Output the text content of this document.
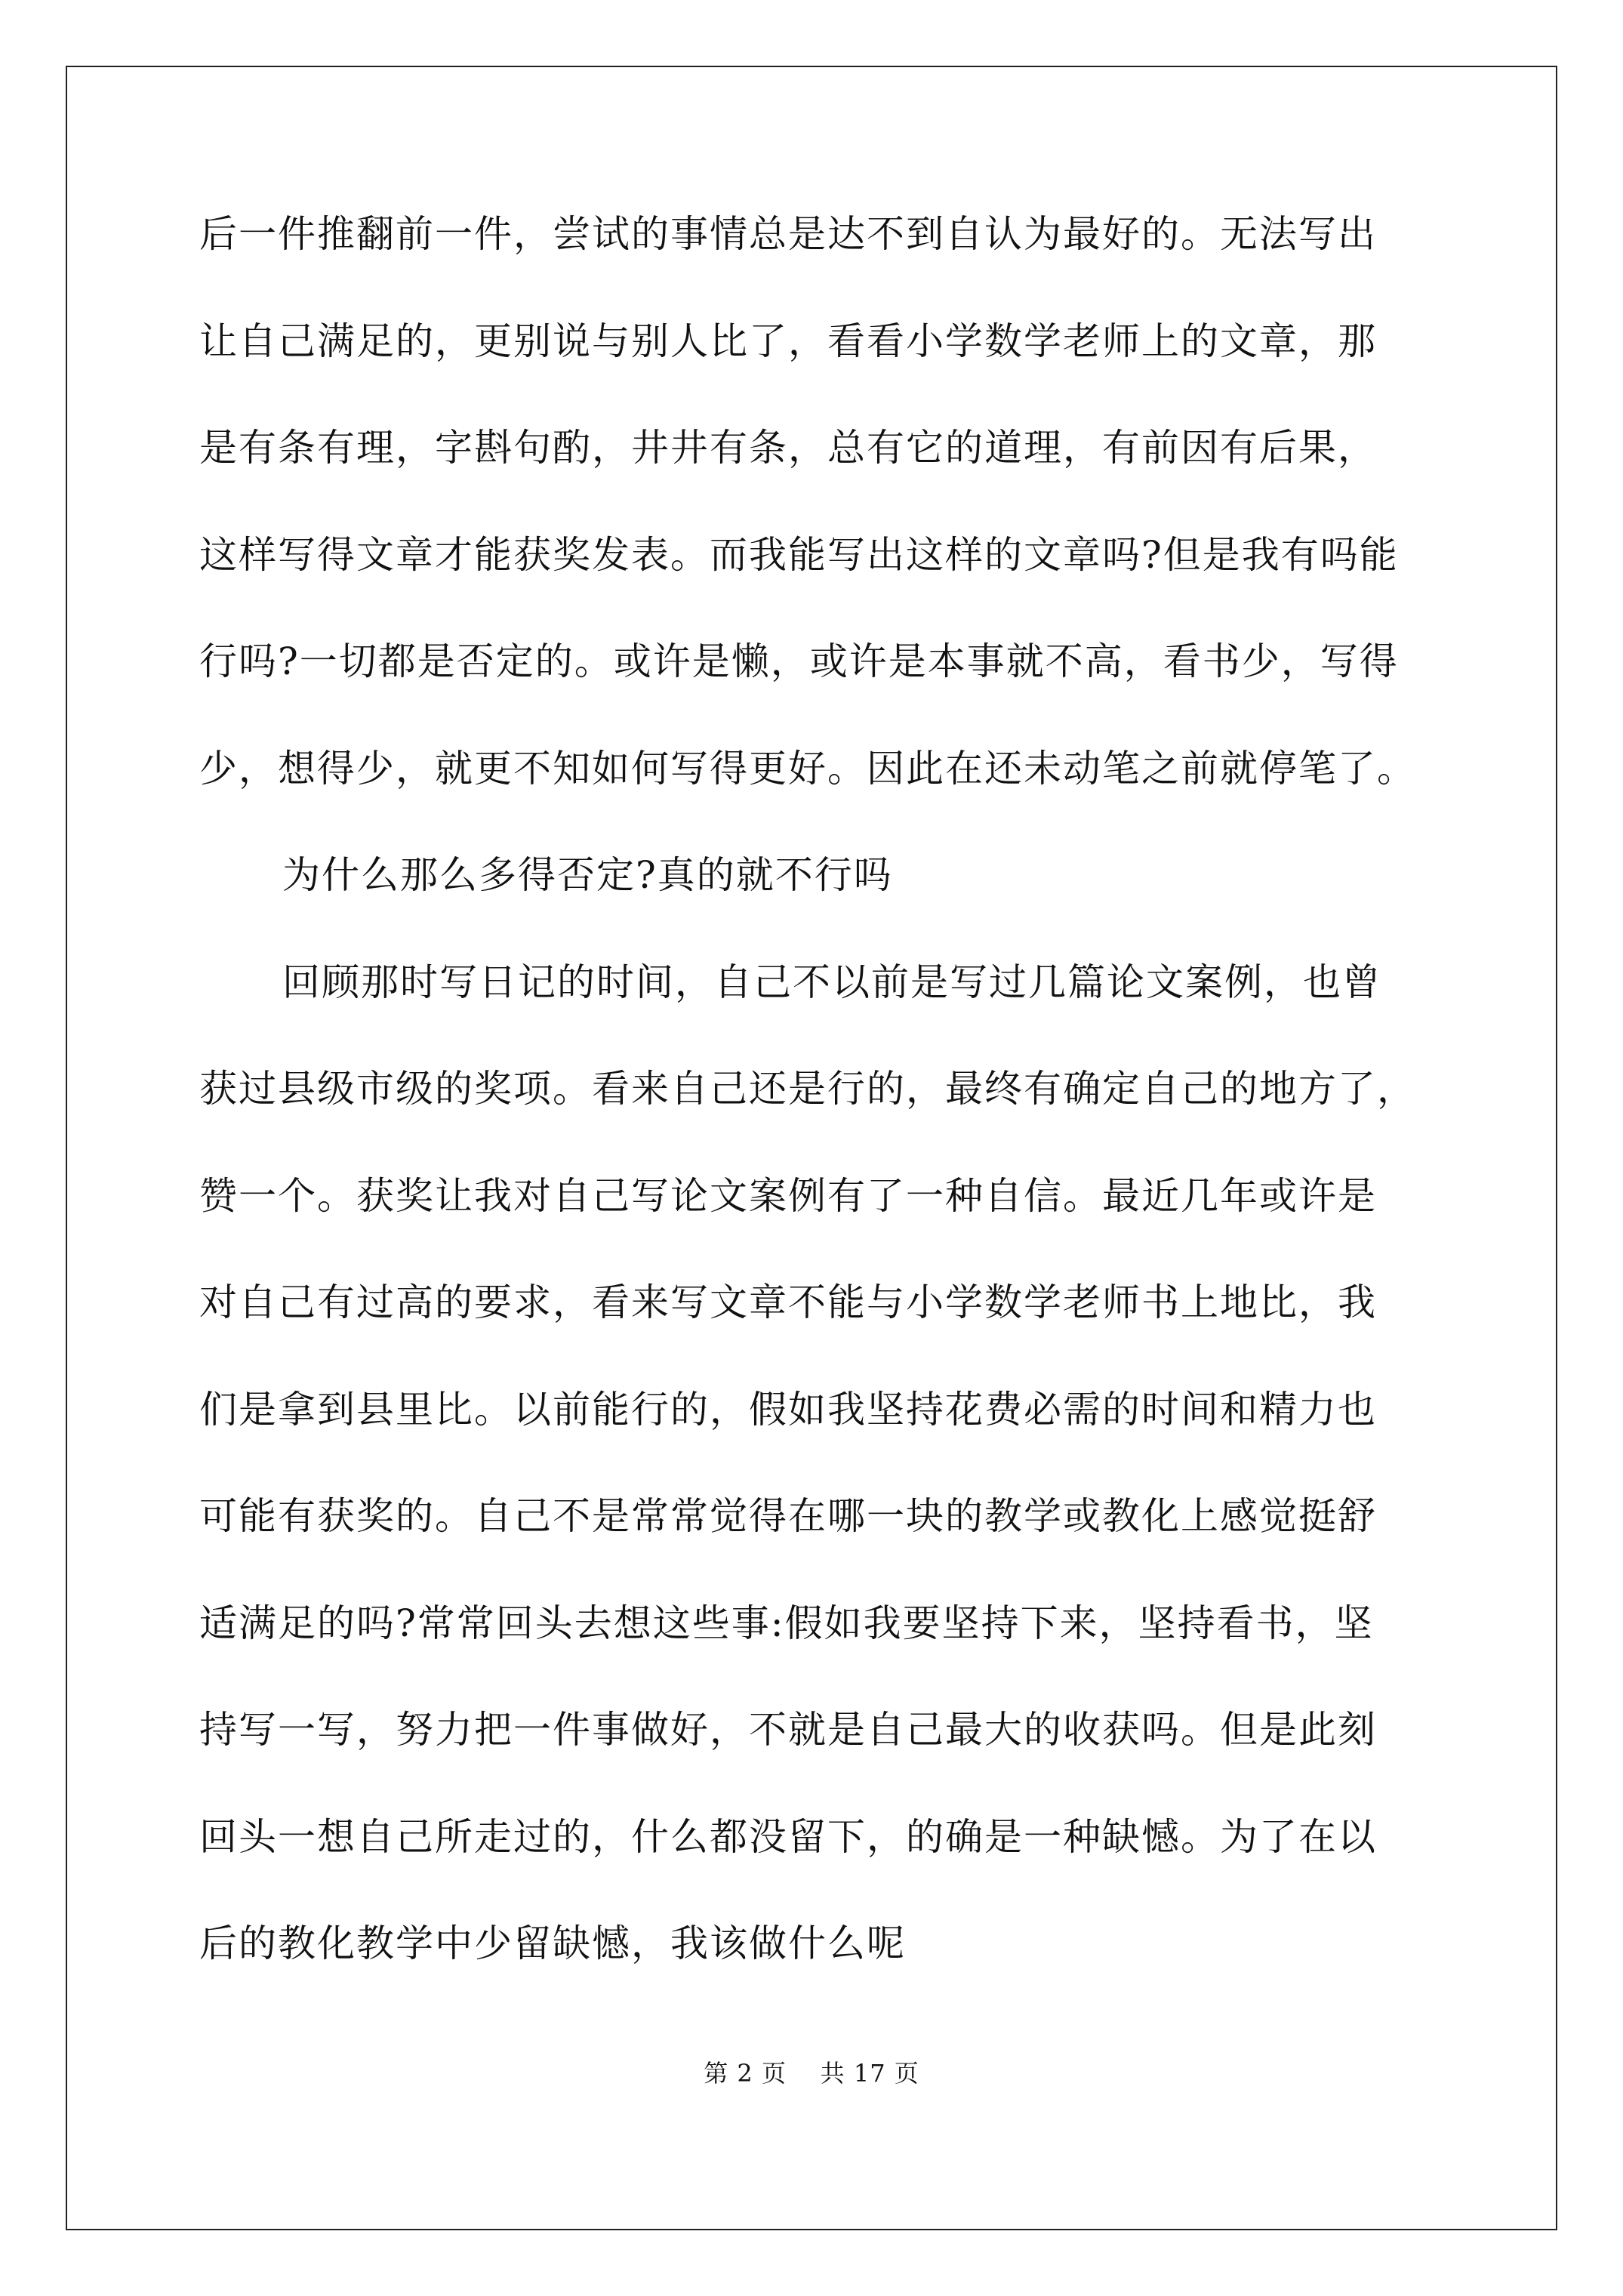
后一件推翻前一件，尝试的事情总是达不到自认为最好的。无法写出
让自己满足的，更别说与别人比了，看看小学数学老师上的文章，那
是有条有理，字斟句酌，井井有条，总有它的道理，有前因有后果，
这样写得文章才能获奖发表。而我能写出这样的文章吗?但是我有吗能
行吗?一切都是否定的。或许是懒，或许是本事就不高，看书少，写得
少，想得少，就更不知如何写得更好。因此在还未动笔之前就停笔了。
为什么那么多得否定?真的就不行吗
回顾那时写日记的时间，自己不以前是写过几篇论文案例，也曾
获过县级市级的奖项。看来自己还是行的，最终有确定自己的地方了，
赞一个。获奖让我对自己写论文案例有了一种自信。最近几年或许是
对自己有过高的要求，看来写文章不能与小学数学老师书上地比，我
们是拿到县里比。以前能行的，假如我坚持花费必需的时间和精力也
可能有获奖的。自己不是常常觉得在哪一块的教学或教化上感觉挺舒
适满足的吗?常常回头去想这些事:假如我要坚持下来，坚持看书，坚
持写一写，努力把一件事做好，不就是自己最大的收获吗。但是此刻
回头一想自己所走过的，什么都没留下，的确是一种缺憾。为了在以
后的教化教学中少留缺憾，我该做什么呢
第 2 页 共 17 页
